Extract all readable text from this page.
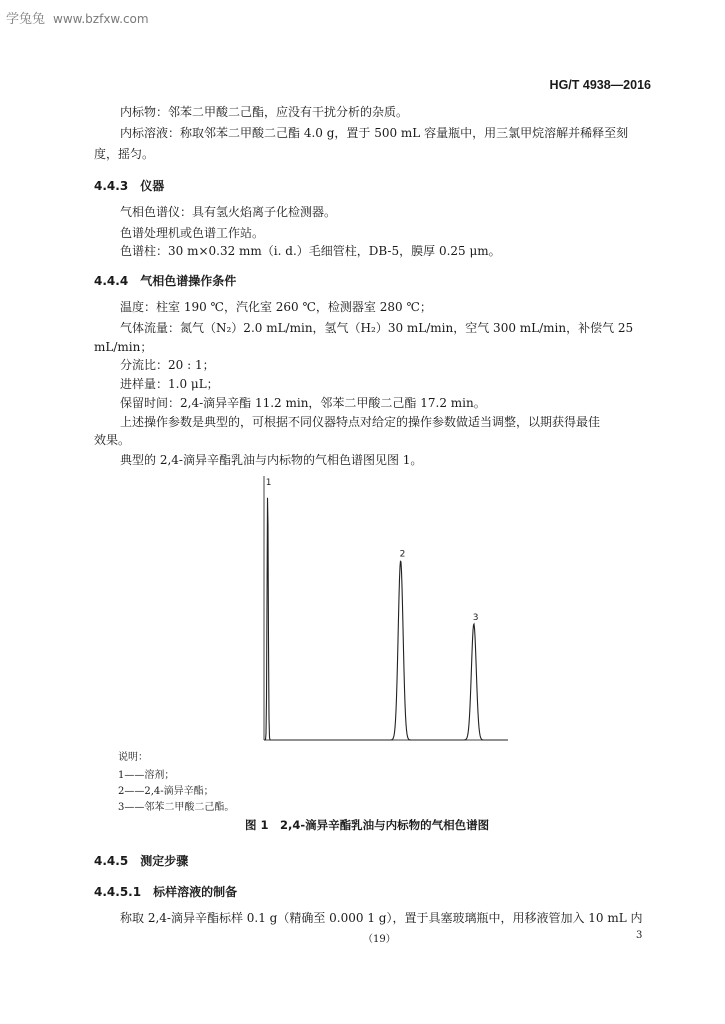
学兔兔 www.bzfxw.com
HG/T 4938—2016
内标物：邻苯二甲酸二己酯，应没有干扰分析的杂质。
内标溶液：称取邻苯二甲酸二己酯 4.0 g，置于 500 mL 容量瓶中，用三氯甲烷溶解并稀释至刻
度，摇匀。
4.4.3　 仪器
气相色谱仪：具有氢火焰离子化检测器。
色谱处理机或色谱工作站。
色谱柱：30 m×0.32 mm（i. d.）毛细管柱，DB-5，膜厚 0.25 μm。
4.4.4　 气相色谱操作条件
温度：柱室 190 ℃，汽化室 260 ℃，检测器室 280 ℃；
气体流量：氮气（N₂）2.0 mL/min，氢气（H₂）30 mL/min，空气 300 mL/min，补偿气 25
mL/min；
分流比：20 : 1；
进样量：1.0 μL；
保留时间：2,4-滴异辛酯 11.2 min，邻苯二甲酸二己酯 17.2 min。
上述操作参数是典型的，可根据不同仪器特点对给定的操作参数做适当调整，以期获得最佳
效果。
典型的 2,4-滴异辛酯乳油与内标物的气相色谱图见图 1。
1
2
3
说明：
1——溶剂；
2——2,4-滴异辛酯；
3——邻苯二甲酸二己酯。
图 1　2,4-滴异辛酯乳油与内标物的气相色谱图
4.4.5　 测定步骤
4.4.5.1　 标样溶液的制备
称取 2,4-滴异辛酯标样 0.1 g（精确至 0.000 1 g），置于具塞玻璃瓶中，用移液管加入 10 mL 内
（19）	3
